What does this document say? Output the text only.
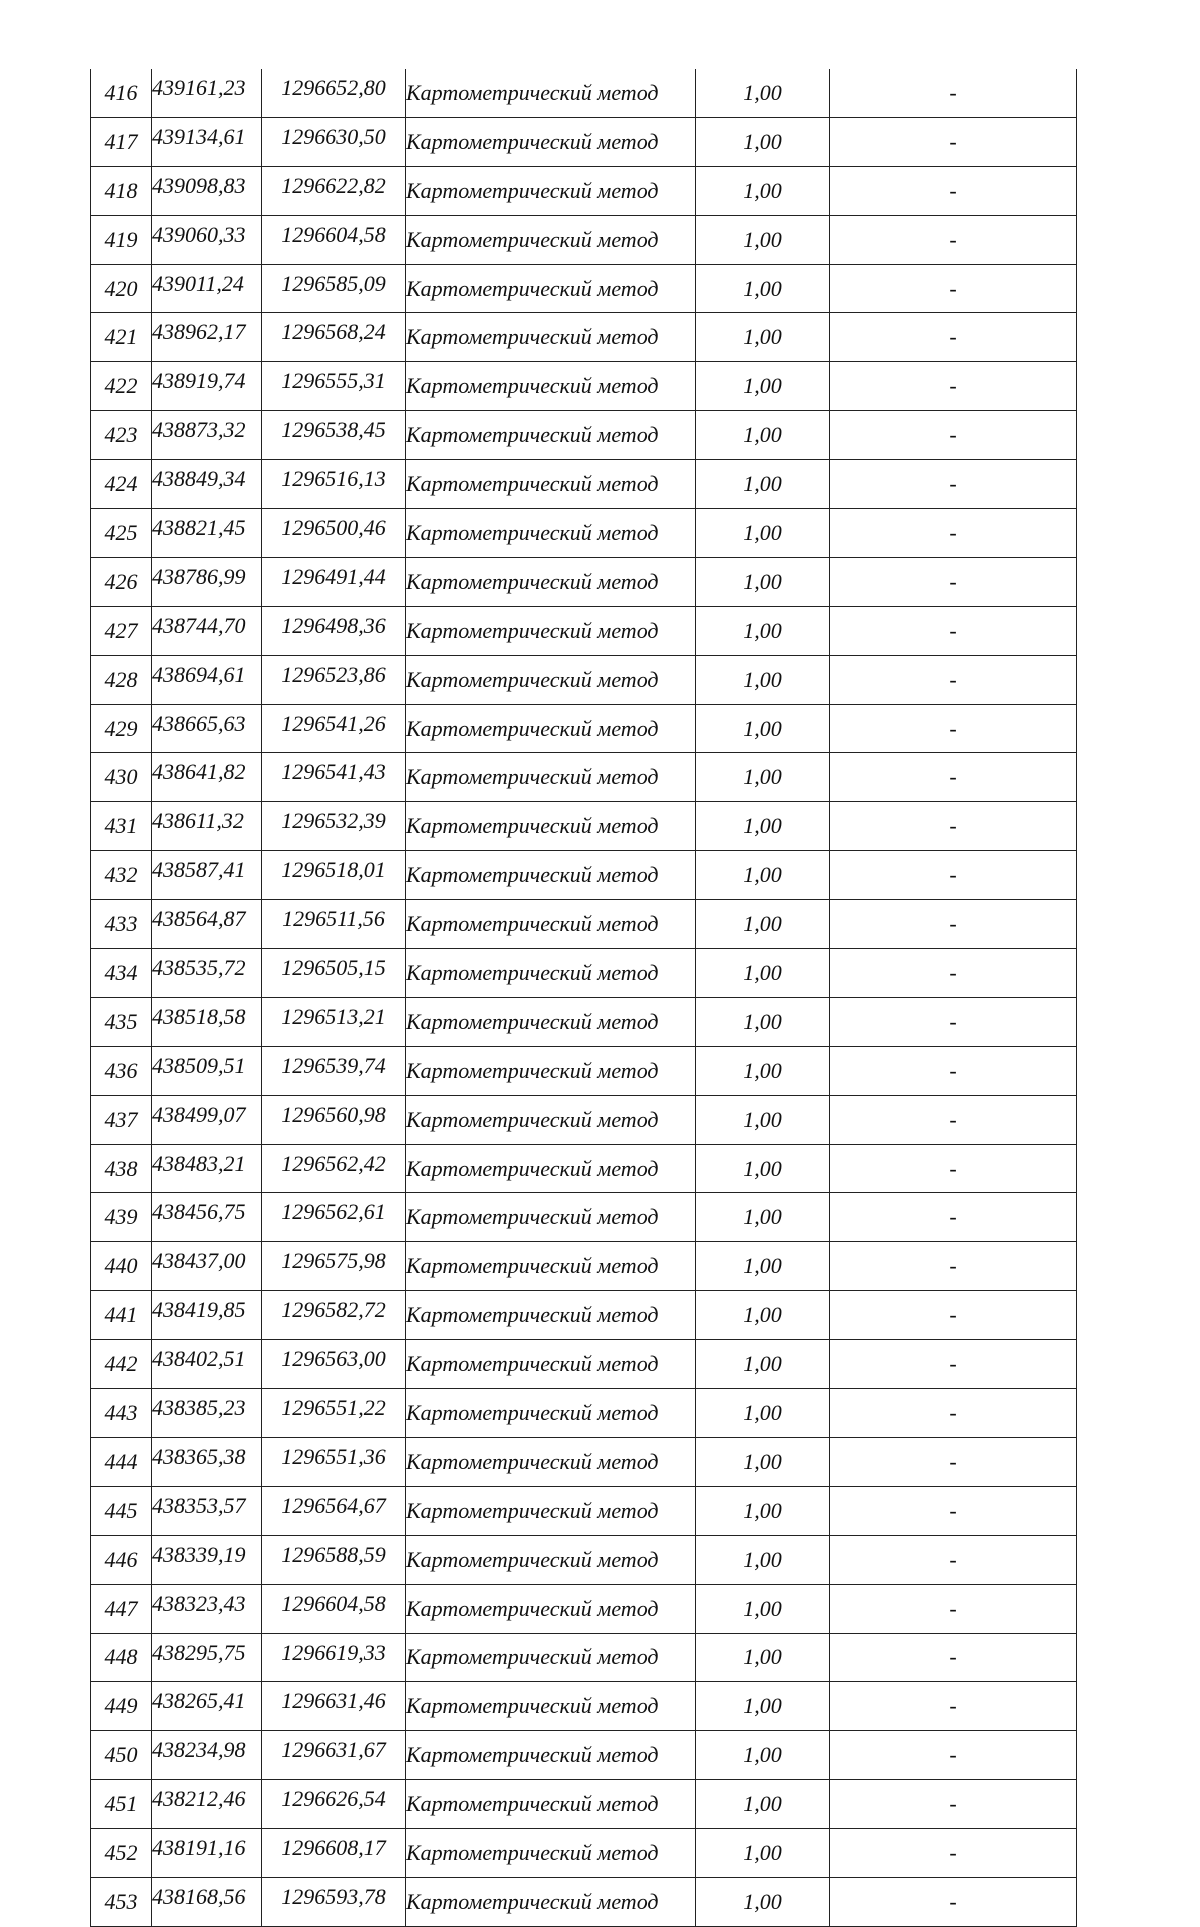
416	439161,23	1296652,80	Картометрический метод	1,00	-
417	439134,61	1296630,50	Картометрический метод	1,00	-
418	439098,83	1296622,82	Картометрический метод	1,00	-
419	439060,33	1296604,58	Картометрический метод	1,00	-
420	439011,24	1296585,09	Картометрический метод	1,00	-
421	438962,17	1296568,24	Картометрический метод	1,00	-
422	438919,74	1296555,31	Картометрический метод	1,00	-
423	438873,32	1296538,45	Картометрический метод	1,00	-
424	438849,34	1296516,13	Картометрический метод	1,00	-
425	438821,45	1296500,46	Картометрический метод	1,00	-
426	438786,99	1296491,44	Картометрический метод	1,00	-
427	438744,70	1296498,36	Картометрический метод	1,00	-
428	438694,61	1296523,86	Картометрический метод	1,00	-
429	438665,63	1296541,26	Картометрический метод	1,00	-
430	438641,82	1296541,43	Картометрический метод	1,00	-
431	438611,32	1296532,39	Картометрический метод	1,00	-
432	438587,41	1296518,01	Картометрический метод	1,00	-
433	438564,87	1296511,56	Картометрический метод	1,00	-
434	438535,72	1296505,15	Картометрический метод	1,00	-
435	438518,58	1296513,21	Картометрический метод	1,00	-
436	438509,51	1296539,74	Картометрический метод	1,00	-
437	438499,07	1296560,98	Картометрический метод	1,00	-
438	438483,21	1296562,42	Картометрический метод	1,00	-
439	438456,75	1296562,61	Картометрический метод	1,00	-
440	438437,00	1296575,98	Картометрический метод	1,00	-
441	438419,85	1296582,72	Картометрический метод	1,00	-
442	438402,51	1296563,00	Картометрический метод	1,00	-
443	438385,23	1296551,22	Картометрический метод	1,00	-
444	438365,38	1296551,36	Картометрический метод	1,00	-
445	438353,57	1296564,67	Картометрический метод	1,00	-
446	438339,19	1296588,59	Картометрический метод	1,00	-
447	438323,43	1296604,58	Картометрический метод	1,00	-
448	438295,75	1296619,33	Картометрический метод	1,00	-
449	438265,41	1296631,46	Картометрический метод	1,00	-
450	438234,98	1296631,67	Картометрический метод	1,00	-
451	438212,46	1296626,54	Картометрический метод	1,00	-
452	438191,16	1296608,17	Картометрический метод	1,00	-
453	438168,56	1296593,78	Картометрический метод	1,00	-
